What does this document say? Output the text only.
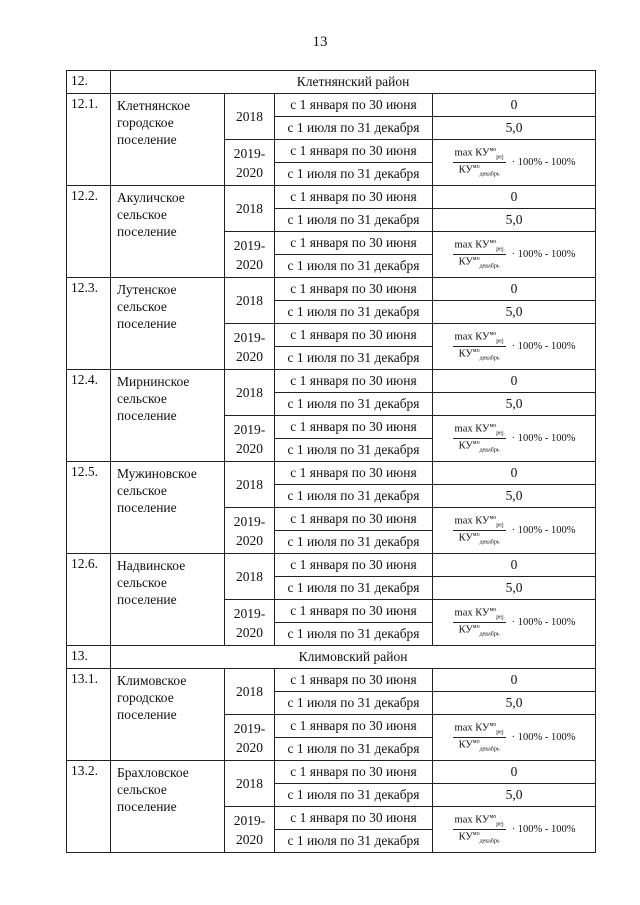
13
12.	Клетнянский район			
12.1.	Клетнянское городское поселение	2018	с 1 января по 30 июня	0
			с 1 июля по 31 декабря	5,0
		2019-2020	с 1 января по 30 июня	$\frac{\max КУ^{мо}_{реj}}{КУ^{мо}_{декабрь}} \cdot 100\% - 100\%$

			с 1 июля по 31 декабря	
12.2.	Акуличское сельское поселение	2018	с 1 января по 30 июня	0
			с 1 июля по 31 декабря	5,0
		2019-2020	с 1 января по 30 июня	$\frac{\max КУ^{мо}_{реj}}{КУ^{мо}_{декабрь}} \cdot 100\% - 100\%$

			с 1 июля по 31 декабря	
12.3.	Лутенское сельское поселение	2018	с 1 января по 30 июня	0
			с 1 июля по 31 декабря	5,0
		2019-2020	с 1 января по 30 июня	$\frac{\max КУ^{мо}_{реj}}{КУ^{мо}_{декабрь}} \cdot 100\% - 100\%$

			с 1 июля по 31 декабря	
12.4.	Мирнинское сельское поселение	2018	с 1 января по 30 июня	0
			с 1 июля по 31 декабря	5,0
		2019-2020	с 1 января по 30 июня	$\frac{\max КУ^{мо}_{реj}}{КУ^{мо}_{декабрь}} \cdot 100\% - 100\%$

			с 1 июля по 31 декабря	
12.5.	Мужиновское сельское поселение	2018	с 1 января по 30 июня	0
			с 1 июля по 31 декабря	5,0
		2019-2020	с 1 января по 30 июня	$\frac{\max КУ^{мо}_{реj}}{КУ^{мо}_{декабрь}} \cdot 100\% - 100\%$

			с 1 июля по 31 декабря	
12.6.	Надвинское сельское поселение	2018	с 1 января по 30 июня	0
			с 1 июля по 31 декабря	5,0
		2019-2020	с 1 января по 30 июня	$\frac{\max КУ^{мо}_{реj}}{КУ^{мо}_{декабрь}} \cdot 100\% - 100\%$

			с 1 июля по 31 декабря	
13.	Климовский район			
13.1.	Климовское городское поселение	2018	с 1 января по 30 июня	0
			с 1 июля по 31 декабря	5,0
		2019-2020	с 1 января по 30 июня	$\frac{\max КУ^{мо}_{реj}}{КУ^{мо}_{декабрь}} \cdot 100\% - 100\%$

			с 1 июля по 31 декабря	
13.2.	Брахловское сельское поселение	2018	с 1 января по 30 июня	0
			с 1 июля по 31 декабря	5,0
		2019-2020	с 1 января по 30 июня	$\frac{\max КУ^{мо}_{реj}}{КУ^{мо}_{декабрь}} \cdot 100\% - 100\%$

			с 1 июля по 31 декабря	
